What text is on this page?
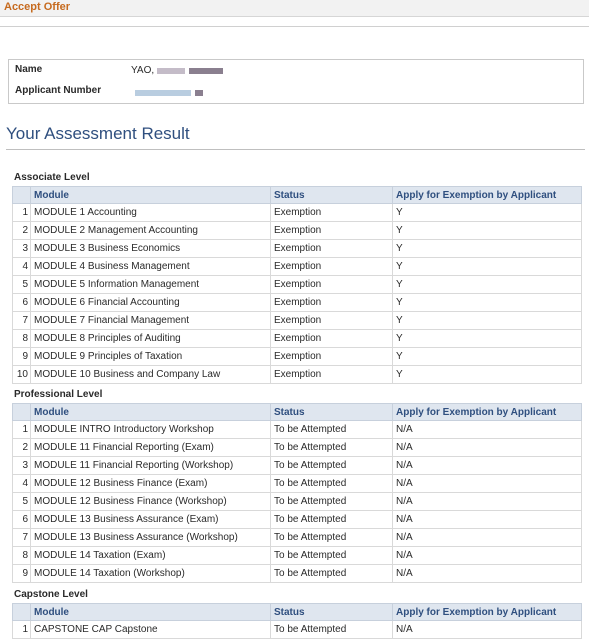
Accept Offer
Name	YAO,
Applicant Number
Your Assessment Result
Associate Level
	Module	Status	Apply for Exemption by Applicant
1	MODULE 1 Accounting	Exemption	Y
2	MODULE 2 Management Accounting	Exemption	Y
3	MODULE 3 Business Economics	Exemption	Y
4	MODULE 4 Business Management	Exemption	Y
5	MODULE 5 Information Management	Exemption	Y
6	MODULE 6 Financial Accounting	Exemption	Y
7	MODULE 7 Financial Management	Exemption	Y
8	MODULE 8 Principles of Auditing	Exemption	Y
9	MODULE 9 Principles of Taxation	Exemption	Y
10	MODULE 10 Business and Company Law	Exemption	Y
Professional Level
	Module	Status	Apply for Exemption by Applicant
1	MODULE INTRO Introductory Workshop	To be Attempted	N/A
2	MODULE 11 Financial Reporting (Exam)	To be Attempted	N/A
3	MODULE 11 Financial Reporting (Workshop)	To be Attempted	N/A
4	MODULE 12 Business Finance (Exam)	To be Attempted	N/A
5	MODULE 12 Business Finance (Workshop)	To be Attempted	N/A
6	MODULE 13 Business Assurance (Exam)	To be Attempted	N/A
7	MODULE 13 Business Assurance (Workshop)	To be Attempted	N/A
8	MODULE 14 Taxation (Exam)	To be Attempted	N/A
9	MODULE 14 Taxation (Workshop)	To be Attempted	N/A
Capstone Level
	Module	Status	Apply for Exemption by Applicant
1	CAPSTONE CAP Capstone	To be Attempted	N/A
